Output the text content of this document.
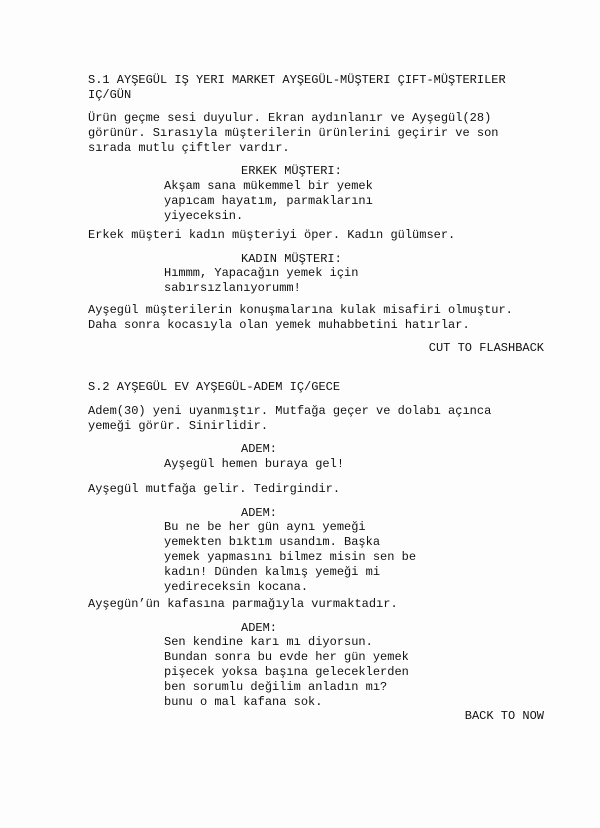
S.1 AYŞEGÜL IŞ YERI MARKET AYŞEGÜL-MÜŞTERI ÇIFT-MÜŞTERILER
IÇ/GÜN
Ürün geçme sesi duyulur. Ekran aydınlanır ve Ayşegül(28)
görünür. Sırasıyla müşterilerin ürünlerini geçirir ve son
sırada mutlu çiftler vardır.
ERKEK MÜŞTERI:
Akşam sana mükemmel bir yemek
yapıcam hayatım, parmaklarını
yiyeceksin.
Erkek müşteri kadın müşteriyi öper. Kadın gülümser.
KADIN MÜŞTERI:
Hımmm, Yapacağın yemek için
sabırsızlanıyorumm!
Ayşegül müşterilerin konuşmalarına kulak misafiri olmuştur.
Daha sonra kocasıyla olan yemek muhabbetini hatırlar.
CUT TO FLASHBACK
S.2 AYŞEGÜL EV AYŞEGÜL-ADEM IÇ/GECE
Adem(30) yeni uyanmıştır. Mutfağa geçer ve dolabı açınca
yemeği görür. Sinirlidir.
ADEM:
Ayşegül hemen buraya gel!
Ayşegül mutfağa gelir. Tedirgindir.
ADEM:
Bu ne be her gün aynı yemeği
yemekten bıktım usandım. Başka
yemek yapmasını bilmez misin sen be
kadın! Dünden kalmış yemeği mi
yedireceksin kocana.
Ayşegün’ün kafasına parmağıyla vurmaktadır.
ADEM:
Sen kendine karı mı diyorsun.
Bundan sonra bu evde her gün yemek
pişecek yoksa başına geleceklerden
ben sorumlu değilim anladın mı?
bunu o mal kafana sok.
BACK TO NOW
